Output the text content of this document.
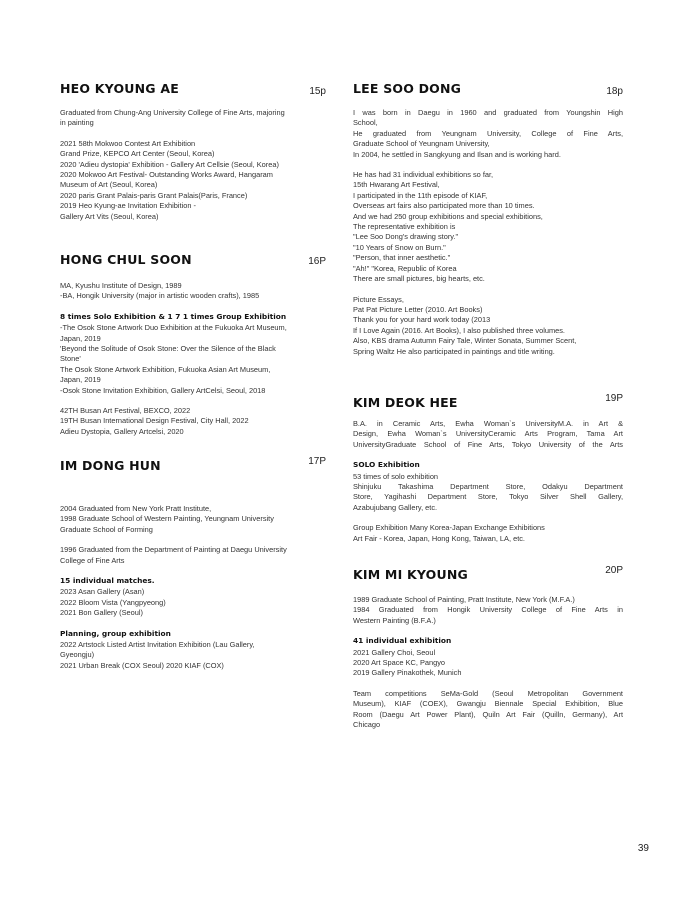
HEO KYOUNG AE	15p
Graduated from Chung-Ang University College of Fine Arts, majoring
in painting
2021 58th Mokwoo Contest Art Exhibition
Grand Prize, KEPCO Art Center (Seoul, Korea)
2020 'Adieu dystopia' Exhibition - Gallery Art Cellsie (Seoul, Korea)
2020 Mokwoo Art Festival- Outstanding Works Award, Hangaram
Museum of Art (Seoul, Korea)
2020 paris Grant Palais-paris Grant Palais(Paris, France)
2019 Heo Kyung-ae Invitation Exhibition -
Gallery Art Vits (Seoul, Korea)
HONG CHUL SOON	16P
MA, Kyushu Institute of Design, 1989
-BA, Hongik University (major in artistic wooden crafts), 1985
8 times Solo Exhibition & 1 7 1 times Group Exhibition
-The Osok Stone Artwork Duo Exhibition at the Fukuoka Art Museum,
Japan, 2019
'Beyond the Solitude of Osok Stone: Over the Silence of the Black
Stone'
The Osok Stone Artwork Exhibition, Fukuoka Asian Art Museum,
Japan, 2019
-Osok Stone Invitation Exhibition, Gallery ArtCelsi, Seoul, 2018
42TH Busan Art Festival, BEXCO, 2022
19TH Busan International Design Festival, City Hall, 2022
Adieu Dystopia, Gallery Artcelsi, 2020
IM DONG HUN	17P
2004 Graduated from New York Pratt Institute,
1998 Graduate School of Western Painting, Yeungnam University
Graduate School of Forming
1996 Graduated from the Department of Painting at Daegu University
College of Fine Arts
15 individual matches.
2023 Asan Gallery (Asan)
2022 Bloom Vista (Yangpyeong)
2021 Bon Gallery (Seoul)
Planning, group exhibition
2022 Artstock Listed Artist Invitation Exhibition (Lau Gallery,
Gyeongju)
2021 Urban Break (COX Seoul) 2020 KIAF (COX)
LEE SOO DONG	18p
I was born in Daegu in 1960 and graduated from Youngshin High
School,
He graduated from Yeungnam University, College of Fine Arts,
Graduate School of Yeungnam University,
In 2004, he settled in Sangkyung and Ilsan and is working hard.
He has had 31 individual exhibitions so far,
15th Hwarang Art Festival,
I participated in the 11th episode of KIAF,
Overseas art fairs also participated more than 10 times.
And we had 250 group exhibitions and special exhibitions,
The representative exhibition is
"Lee Soo Dong's drawing story."
"10 Years of Snow on Burn."
"Person, that inner aesthetic."
"Ah!" "Korea, Republic of Korea
There are small pictures, big hearts, etc.
Picture Essays,
Pat Pat Picture Letter (2010. Art Books)
Thank you for your hard work today (2013
If I Love Again (2016. Art Books), I also published three volumes.
Also, KBS drama Autumn Fairy Tale, Winter Sonata, Summer Scent,
Spring Waltz He also participated in paintings and title writing.
KIM DEOK HEE	19P
B.A. in Ceramic Arts, Ewha Woman`s UniversityM.A. in Art &
Design, Ewha Woman`s UniversityCeramic Arts Program, Tama Art
UniversityGraduate School of Fine Arts, Tokyo University of the Arts
SOLO Exhibition
53 times of solo exhibition
Shinjuku Takashima Department Store, Odakyu Department
Store, Yagihashi Department Store, Tokyo Silver Shell Gallery,
Azabujubang Gallery, etc.
Group Exhibition Many Korea-Japan Exchange Exhibitions
Art Fair - Korea, Japan, Hong Kong, Taiwan, LA, etc.
KIM MI KYOUNG	20P
1989 Graduate School of Painting, Pratt Institute, New York (M.F.A.)
1984 Graduated from Hongik University College of Fine Arts in
Western Painting (B.F.A.)
41 individual exhibition
2021 Gallery Choi, Seoul
2020 Art Space KC, Pangyo
2019 Gallery Pinakothek, Munich
Team competitions SeMa-Gold (Seoul Metropolitan Government
Museum), KIAF (COEX), Gwangju Biennale Special Exhibition, Blue
Room (Daegu Art Power Plant), Quiln Art Fair (Quilln, Germany), Art
Chicago
39
